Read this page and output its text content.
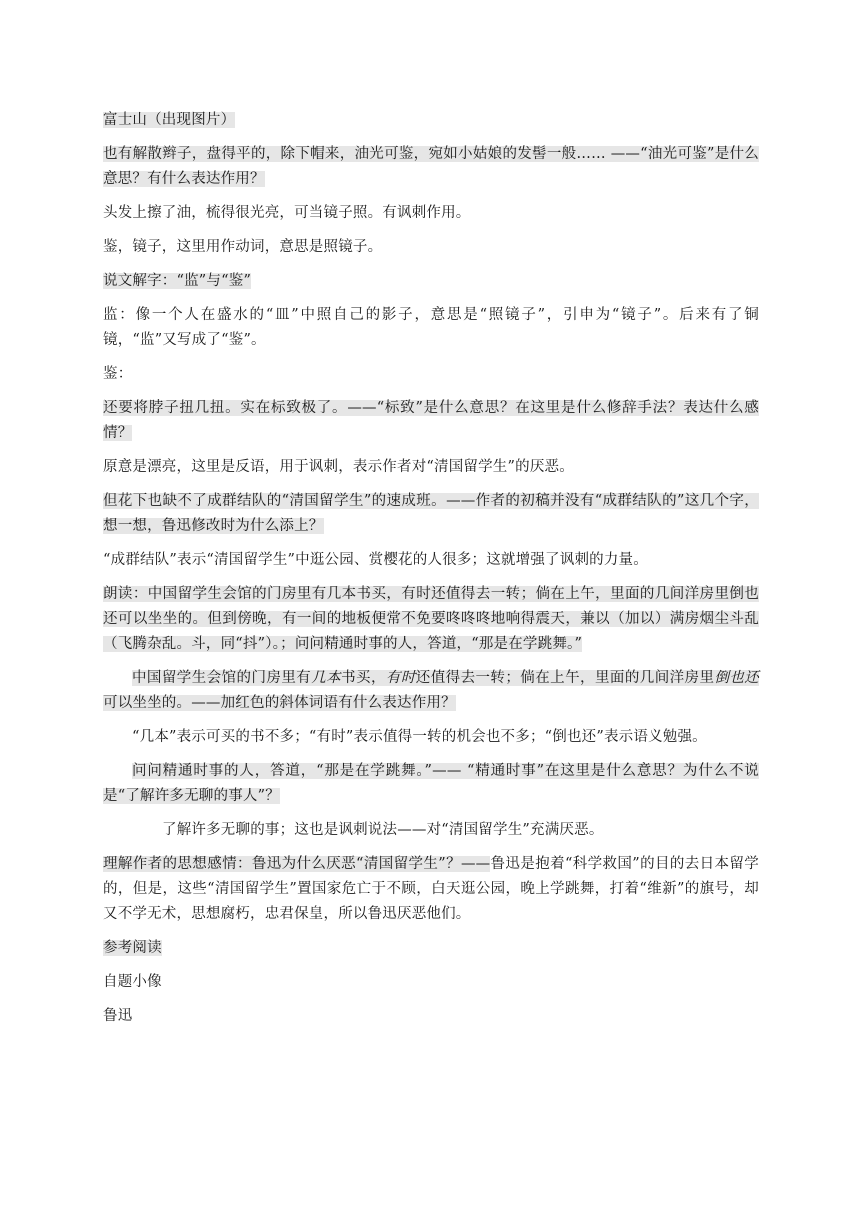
富士山（出现图片）
也有解散辫子，盘得平的，除下帽来，油光可鉴，宛如小姑娘的发髻一般…… ——“油光可鉴”是什么意思？有什么表达作用？
头发上擦了油，梳得很光亮，可当镜子照。有讽刺作用。
鉴，镜子，这里用作动词，意思是照镜子。
说文解字：“监”与“鉴”
监：像一个人在盛水的“皿”中照自己的影子，意思是“照镜子”，引申为“镜子”。后来有了铜镜，“监”又写成了“鉴”。
鉴：
还要将脖子扭几扭。实在标致极了。——“标致”是什么意思？在这里是什么修辞手法？表达什么感情？
原意是漂亮，这里是反语，用于讽刺，表示作者对“清国留学生”的厌恶。
但花下也缺不了成群结队的“清国留学生”的速成班。——作者的初稿并没有“成群结队的”这几个字，想一想，鲁迅修改时为什么添上？
“成群结队”表示“清国留学生”中逛公园、赏樱花的人很多；这就增强了讽刺的力量。
朗读：中国留学生会馆的门房里有几本书买，有时还值得去一转；倘在上午，里面的几间洋房里倒也还可以坐坐的。但到傍晚，有一间的地板便常不免要咚咚咚地响得震天，兼以（加以）满房烟尘斗乱（飞腾杂乱。斗，同“抖”）。；问问精通时事的人，答道，“那是在学跳舞。”
中国留学生会馆的门房里有几本书买，有时还值得去一转；倘在上午，里面的几间洋房里倒也还可以坐坐的。——加红色的斜体词语有什么表达作用？
“几本”表示可买的书不多；“有时”表示值得一转的机会也不多；“倒也还”表示语义勉强。
问问精通时事的人，答道，“那是在学跳舞。”—— “精通时事”在这里是什么意思？为什么不说是“了解许多无聊的事人”？
了解许多无聊的事；这也是讽刺说法——对“清国留学生”充满厌恶。
理解作者的思想感情：鲁迅为什么厌恶“清国留学生”？——鲁迅是抱着“科学救国”的目的去日本留学的，但是，这些“清国留学生”置国家危亡于不顾，白天逛公园，晚上学跳舞，打着“维新”的旗号，却又不学无术，思想腐朽，忠君保皇，所以鲁迅厌恶他们。
参考阅读
自题小像
鲁迅
